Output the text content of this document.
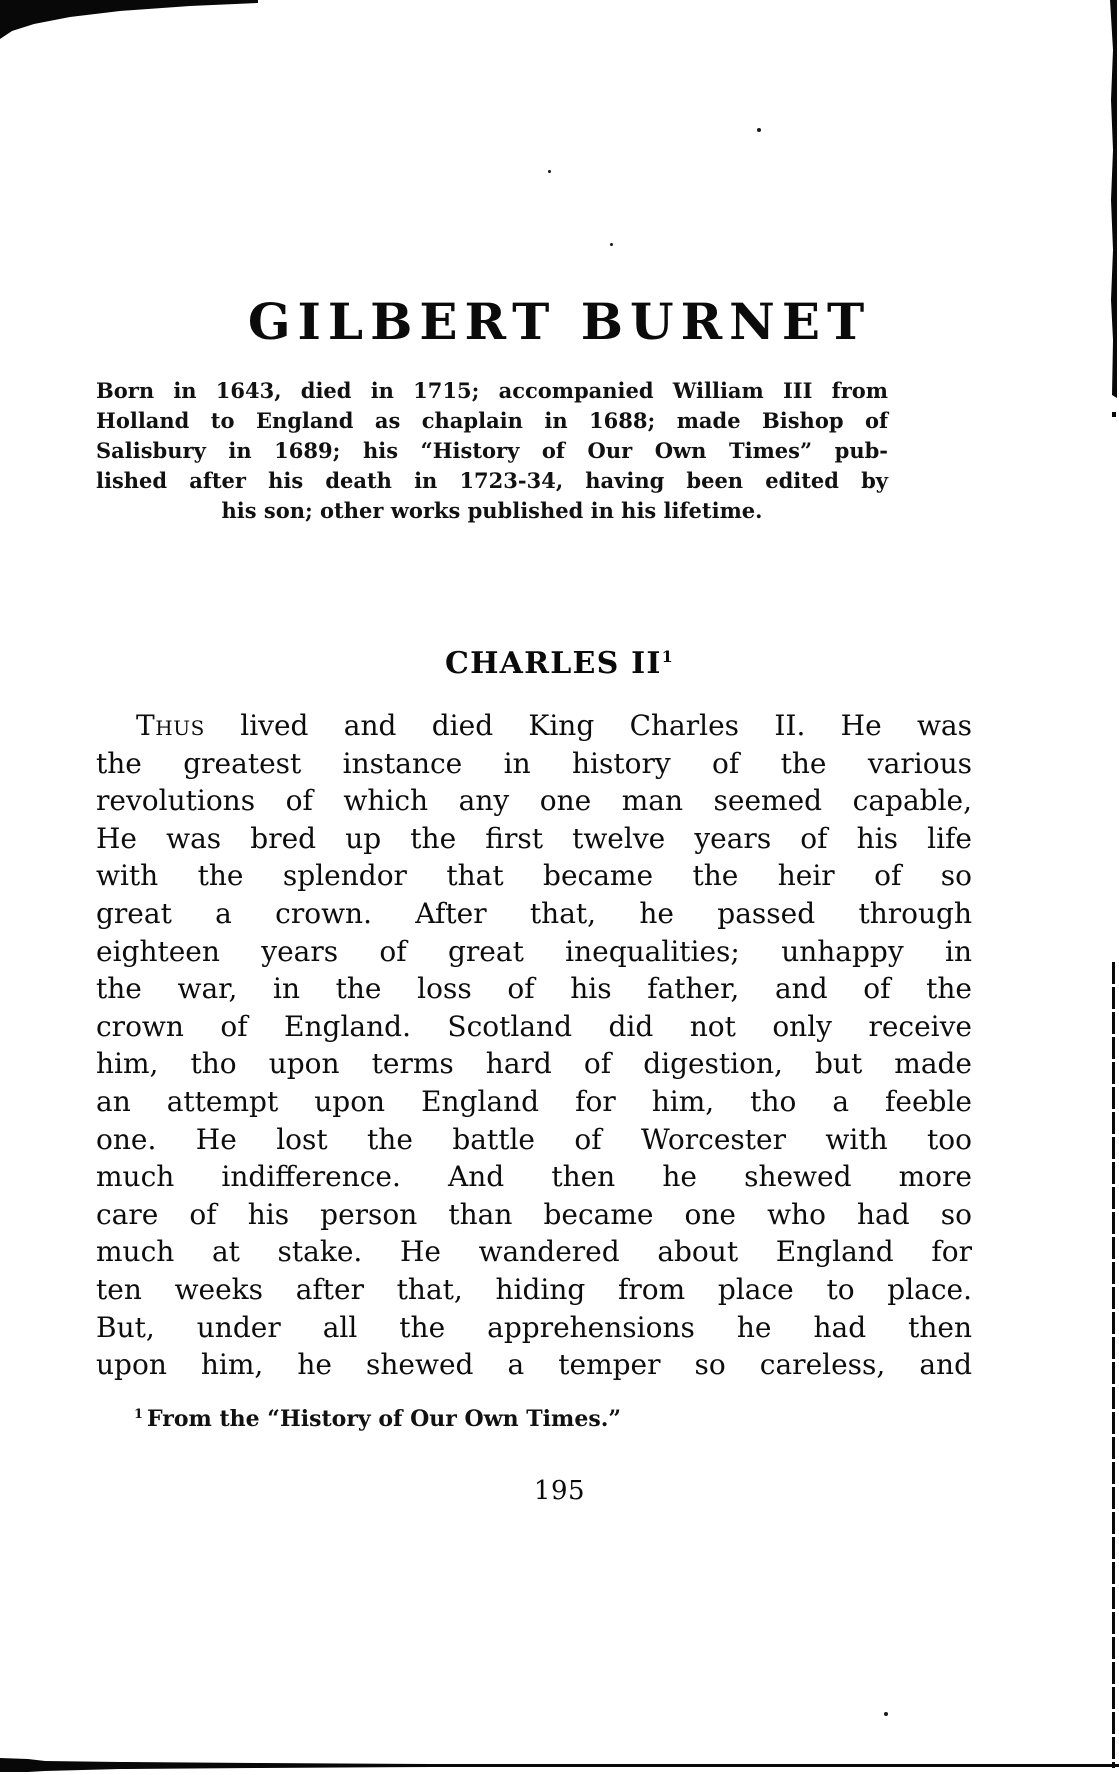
GILBERT BURNET
Born in 1643, died in 1715; accompanied William III from
Holland to England as chaplain in 1688; made Bishop of
Salisbury in 1689; his “History of Our Own Times” pub-
lished after his death in 1723-34, having been edited by
his son; other works published in his lifetime.
CHARLES $II^1$
Thus lived and died King Charles II. He was
the greatest instance in history of the various
revolutions of which any one man seemed capable,
He was bred up the first twelve years of his life
with the splendor that became the heir of so
great a crown. After that, he passed through
eighteen years of great inequalities; unhappy in
the war, in the loss of his father, and of the
crown of England. Scotland did not only receive
him, tho upon terms hard of digestion, but made
an attempt upon England for him, tho a feeble
one. He lost the battle of Worcester with too
much indifference. And then he shewed more
care of his person than became one who had so
much at stake. He wandered about England for
ten weeks after that, hiding from place to place.
But, under all the apprehensions he had then
upon him, he shewed a temper so careless, and
$^1$ From the “History of Our Own Times.”
195
